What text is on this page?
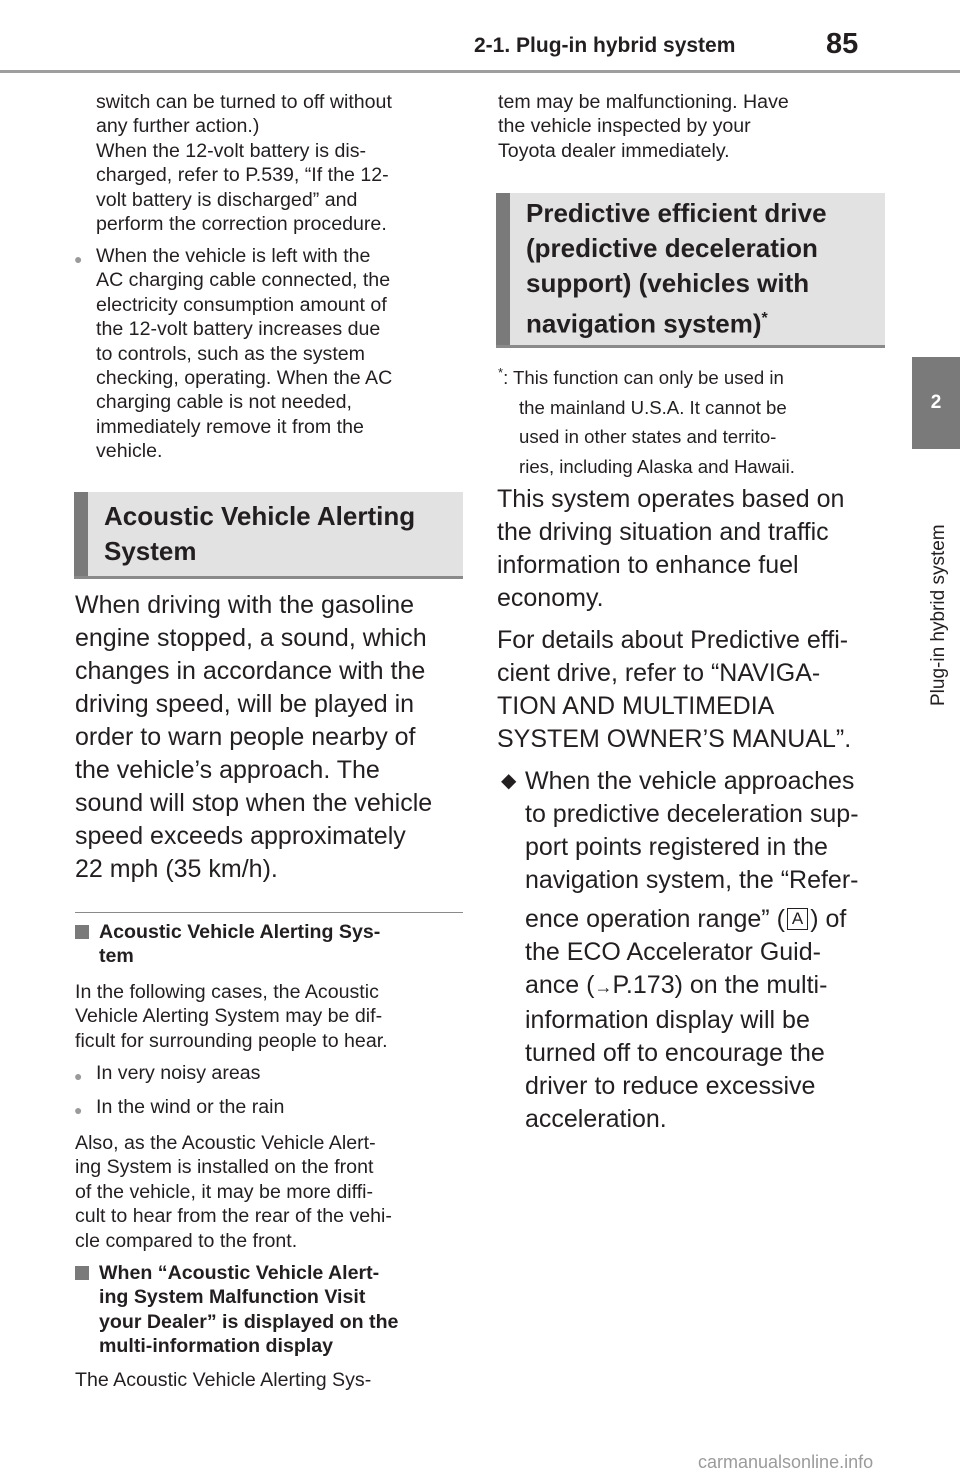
2-1. Plug-in hybrid system	85
2
Plug-in hybrid system
switch can be turned to off without
any further action.)
When the 12-volt battery is dis-
charged, refer to P.539, “If the 12-
volt battery is discharged” and
perform the correction procedure.
● When the vehicle is left with the
AC charging cable connected, the
electricity consumption amount of
the 12-volt battery increases due
to controls, such as the system
checking, operating. When the AC
charging cable is not needed,
immediately remove it from the
vehicle.
Acoustic Vehicle Alerting
System
When driving with the gasoline
engine stopped, a sound, which
changes in accordance with the
driving speed, will be played in
order to warn people nearby of
the vehicle’s approach. The
sound will stop when the vehicle
speed exceeds approximately
22 mph (35 km/h).
Acoustic Vehicle Alerting Sys-
tem
In the following cases, the Acoustic
Vehicle Alerting System may be dif-
ficult for surrounding people to hear.
● In very noisy areas
● In the wind or the rain
Also, as the Acoustic Vehicle Alert-
ing System is installed on the front
of the vehicle, it may be more diffi-
cult to hear from the rear of the vehi-
cle compared to the front.
When “Acoustic Vehicle Alert-
ing System Malfunction Visit
your Dealer” is displayed on the
multi-information display
The Acoustic Vehicle Alerting Sys-
tem may be malfunctioning. Have
the vehicle inspected by your
Toyota dealer immediately.
Predictive efficient drive
(predictive deceleration
support) (vehicles with
navigation system)*
*: This function can only be used in
the mainland U.S.A. It cannot be
used in other states and territo-
ries, including Alaska and Hawaii.
This system operates based on
the driving situation and traffic
information to enhance fuel
economy.
For details about Predictive effi-
cient drive, refer to “NAVIGA-
TION AND MULTIMEDIA
SYSTEM OWNER’S MANUAL”.
◆ When the vehicle approaches
to predictive deceleration sup-
port points registered in the
navigation system, the “Refer-
ence operation range” ( A ) of
the ECO Accelerator Guid-
ance (→P.173) on the multi-
information display will be
turned off to encourage the
driver to reduce excessive
acceleration.
carmanualsonline.info
